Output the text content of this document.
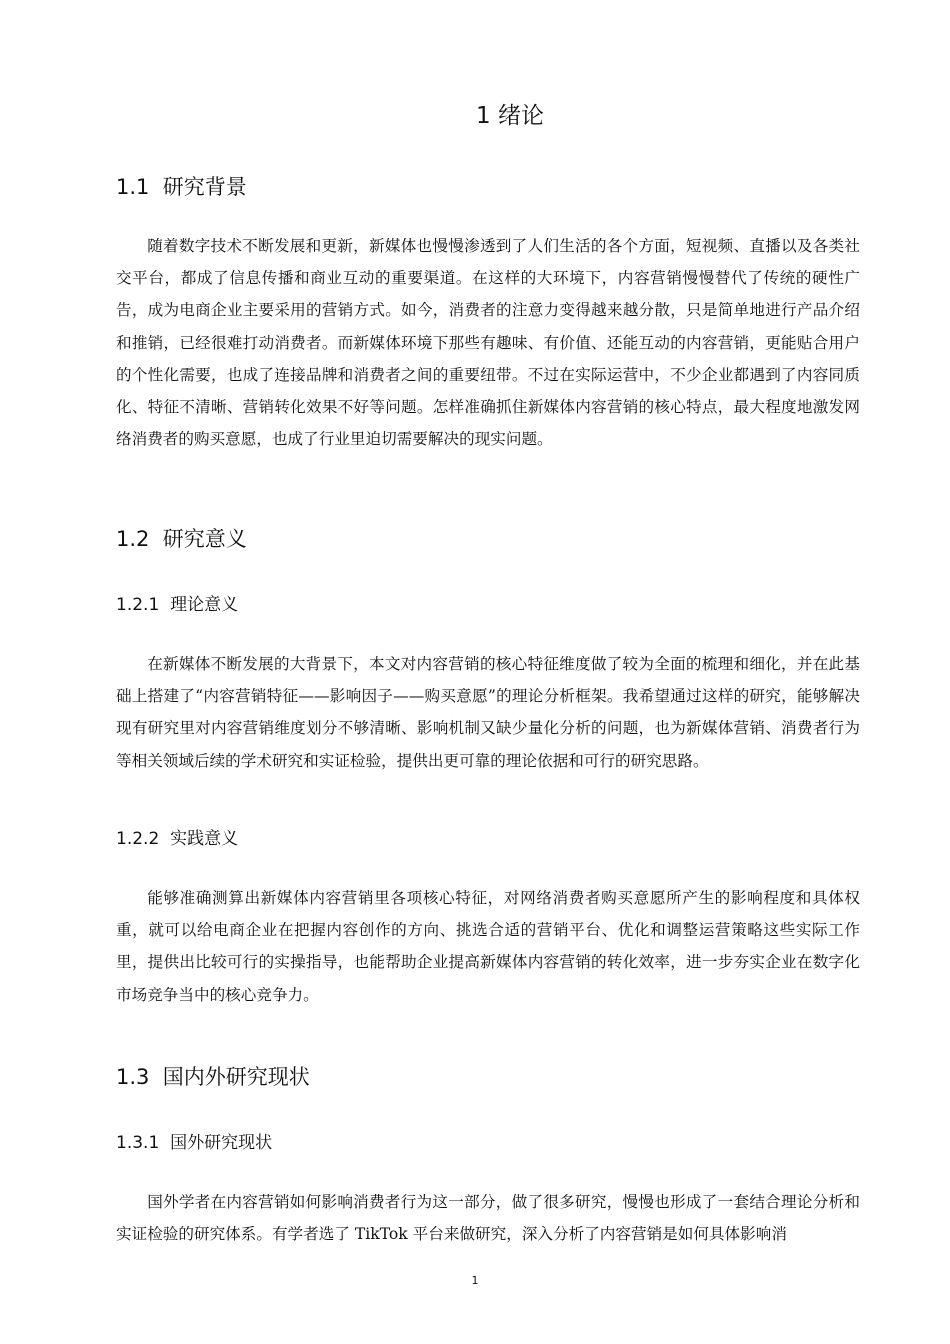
1 绪论
1.1  研究背景

随着数字技术不断发展和更新，新媒体也慢慢渗透到了人们生活的各个方面，短视频、直播以及各类社交平台，都成了信息传播和商业互动的重要渠道。在这样的大环境下，内容营销慢慢替代了传统的硬性广告，成为电商企业主要采用的营销方式。如今，消费者的注意力变得越来越分散，只是简单地进行产品介绍和推销，已经很难打动消费者。而新媒体环境下那些有趣味、有价值、还能互动的内容营销，更能贴合用户的个性化需要，也成了连接品牌和消费者之间的重要纽带。不过在实际运营中，不少企业都遇到了内容同质化、特征不清晰、营销转化效果不好等问题。怎样准确抓住新媒体内容营销的核心特点，最大程度地激发网络消费者的购买意愿，也成了行业里迫切需要解决的现实问题。

1.2  研究意义
1.2.1  理论意义

在新媒体不断发展的大背景下，本文对内容营销的核心特征维度做了较为全面的梳理和细化，并在此基础上搭建了“内容营销特征——影响因子——购买意愿”的理论分析框架。我希望通过这样的研究，能够解决现有研究里对内容营销维度划分不够清晰、影响机制又缺少量化分析的问题，也为新媒体营销、消费者行为等相关领域后续的学术研究和实证检验，提供出更可靠的理论依据和可行的研究思路。

1.2.2  实践意义

能够准确测算出新媒体内容营销里各项核心特征，对网络消费者购买意愿所产生的影响程度和具体权重，就可以给电商企业在把握内容创作的方向、挑选合适的营销平台、优化和调整运营策略这些实际工作里，提供出比较可行的实操指导，也能帮助企业提高新媒体内容营销的转化效率，进一步夯实企业在数字化市场竞争当中的核心竞争力。

1.3  国内外研究现状
1.3.1  国外研究现状

国外学者在内容营销如何影响消费者行为这一部分，做了很多研究，慢慢也形成了一套结合理论分析和实证检验的研究体系。有学者选了 TikTok 平台来做研究，深入分析了内容营销是如何具体影响消

1
